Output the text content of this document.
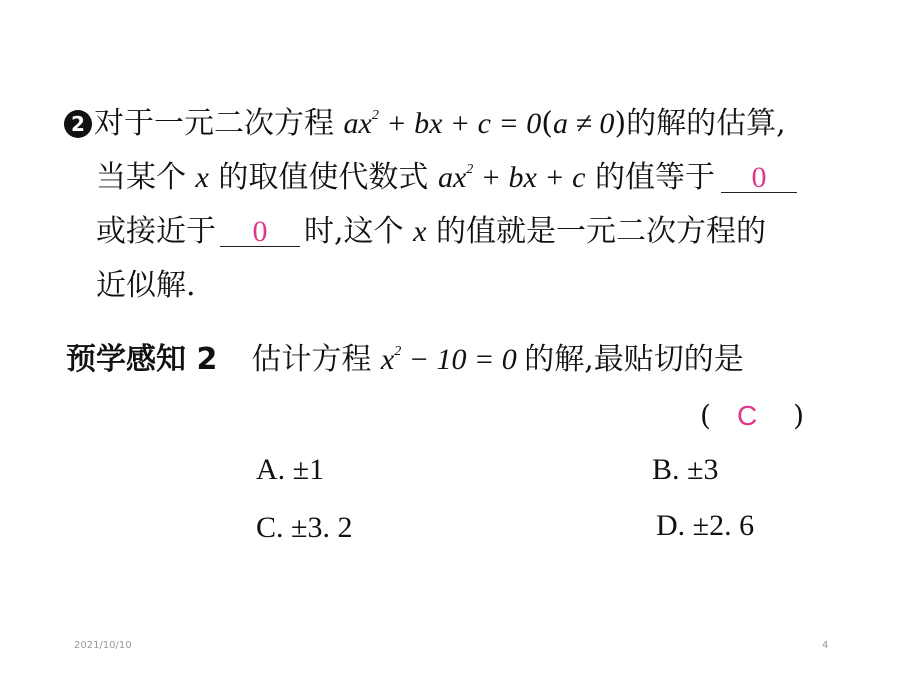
2 对于一元二次方程 $ax^2$ + bx + c = 0(a ≠ 0)的解的估算,
当某个 x 的取值使代数式 $ax^2$ + bx + c 的值等于 0
或接近于 0 时,这个 x 的值就是一元二次方程的
近似解.
预学感知 2 估计方程 $x^2 - 10 = 0$ 的解,最贴切的是
( C )
A. ±1	B. ±3
C. ±3. 2	D. ±2. 6
2021/10/10	4
